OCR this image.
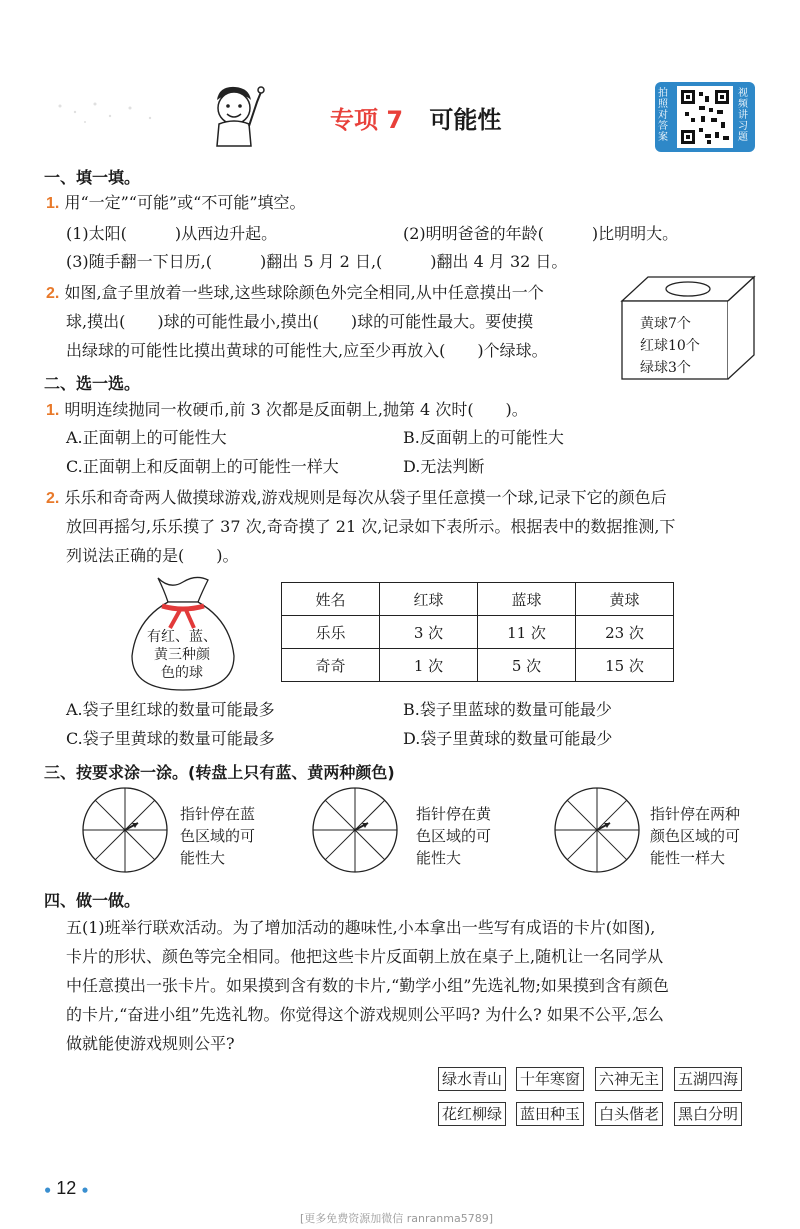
专项 7 可能性
拍照对答案
视频讲习题
一、填一填。
1. 用“一定”“可能”或“不可能”填空。
(1)太阳(　　　)从西边升起。	(2)明明爸爸的年龄(　　　)比明明大。
(3)随手翻一下日历,(　　　)翻出 5 月 2 日,(　　　)翻出 4 月 32 日。
2. 如图,盒子里放着一些球,这些球除颜色外完全相同,从中任意摸出一个
球,摸出(　　)球的可能性最小,摸出(　　)球的可能性最大。要使摸
出绿球的可能性比摸出黄球的可能性大,应至少再放入(　　)个绿球。
黄球7个
红球10个
绿球3个
二、选一选。
1. 明明连续抛同一枚硬币,前 3 次都是反面朝上,抛第 4 次时(　　)。
A.正面朝上的可能性大	B.反面朝上的可能性大
C.正面朝上和反面朝上的可能性一样大	D.无法判断
2. 乐乐和奇奇两人做摸球游戏,游戏规则是每次从袋子里任意摸一个球,记录下它的颜色后
放回再摇匀,乐乐摸了 37 次,奇奇摸了 21 次,记录如下表所示。根据表中的数据推测,下
列说法正确的是(　　)。
有红、蓝、
黄三种颜
色的球
姓名	红球	蓝球	黄球
乐乐	3 次	11 次	23 次
奇奇	1 次	5 次	15 次
A.袋子里红球的数量可能最多	B.袋子里蓝球的数量可能最少
C.袋子里黄球的数量可能最多	D.袋子里黄球的数量可能最少
三、按要求涂一涂。(转盘上只有蓝、黄两种颜色)
指针停在蓝
色区域的可
能性大
指针停在黄
色区域的可
能性大
指针停在两种
颜色区域的可
能性一样大
四、做一做。
五(1)班举行联欢活动。为了增加活动的趣味性,小本拿出一些写有成语的卡片(如图),
卡片的形状、颜色等完全相同。他把这些卡片反面朝上放在桌子上,随机让一名同学从
中任意摸出一张卡片。如果摸到含有数的卡片,“勤学小组”先选礼物;如果摸到含有颜色
的卡片,“奋进小组”先选礼物。你觉得这个游戏规则公平吗? 为什么? 如果不公平,怎么
做就能使游戏规则公平?
绿水青山 十年寒窗 六神无主 五湖四海
花红柳绿 蓝田种玉 白头偕老 黑白分明
● 12 ●
[更多免费资源加微信 ranranma5789]
